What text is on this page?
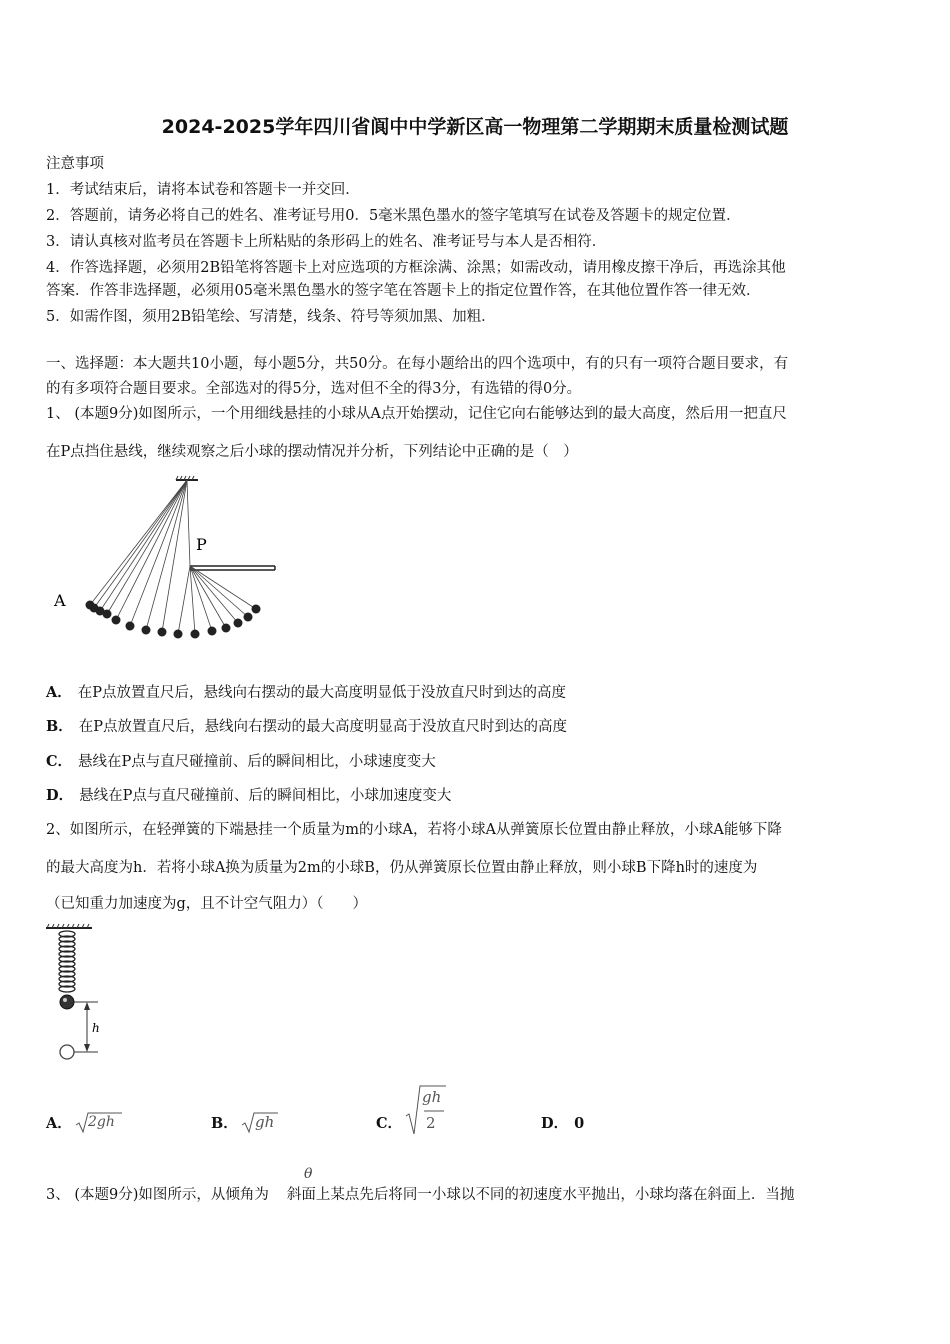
2024-2025学年四川省阆中中学新区高一物理第二学期期末质量检测试题
注意事项
1．考试结束后，请将本试卷和答题卡一并交回．
2．答题前，请务必将自己的姓名、准考证号用0．5毫米黑色墨水的签字笔填写在试卷及答题卡的规定位置．
3．请认真核对监考员在答题卡上所粘贴的条形码上的姓名、准考证号与本人是否相符．
4．作答选择题，必须用2B铅笔将答题卡上对应选项的方框涂满、涂黑；如需改动，请用橡皮擦干净后，再选涂其他
答案．作答非选择题，必须用05毫米黑色墨水的签字笔在答题卡上的指定位置作答，在其他位置作答一律无效．
5．如需作图，须用2B铅笔绘、写清楚，线条、符号等须加黑、加粗．
一、选择题：本大题共10小题，每小题5分，共50分。在每小题给出的四个选项中，有的只有一项符合题目要求，有
的有多项符合题目要求。全部选对的得5分，选对但不全的得3分，有选错的得0分。
1、 (本题9分)如图所示，一个用细线悬挂的小球从A点开始摆动，记住它向右能够达到的最大高度，然后用一把直尺
在P点挡住悬线，继续观察之后小球的摆动情况并分析，下列结论中正确的是（　）
P
A
A． 在P点放置直尺后，悬线向右摆动的最大高度明显低于没放直尺时到达的高度
B． 在P点放置直尺后，悬线向右摆动的最大高度明显高于没放直尺时到达的高度
C． 悬线在P点与直尺碰撞前、后的瞬间相比，小球速度变大
D． 悬线在P点与直尺碰撞前、后的瞬间相比，小球加速度变大
2、如图所示，在轻弹簧的下端悬挂一个质量为m的小球A，若将小球A从弹簧原长位置由静止释放，小球A能够下降
的最大高度为h．若将小球A换为质量为2m的小球B，仍从弹簧原长位置由静止释放，则小球B下降h时的速度为
（已知重力加速度为g，且不计空气阻力）（　　）
h
A．	2gh	B．	gh	C．
gh
2	D． 0
3、 (本题9分)如图所示，从倾角为 斜面上某点先后将同一小球以不同的初速度水平抛出，小球均落在斜面上．当抛
θ
